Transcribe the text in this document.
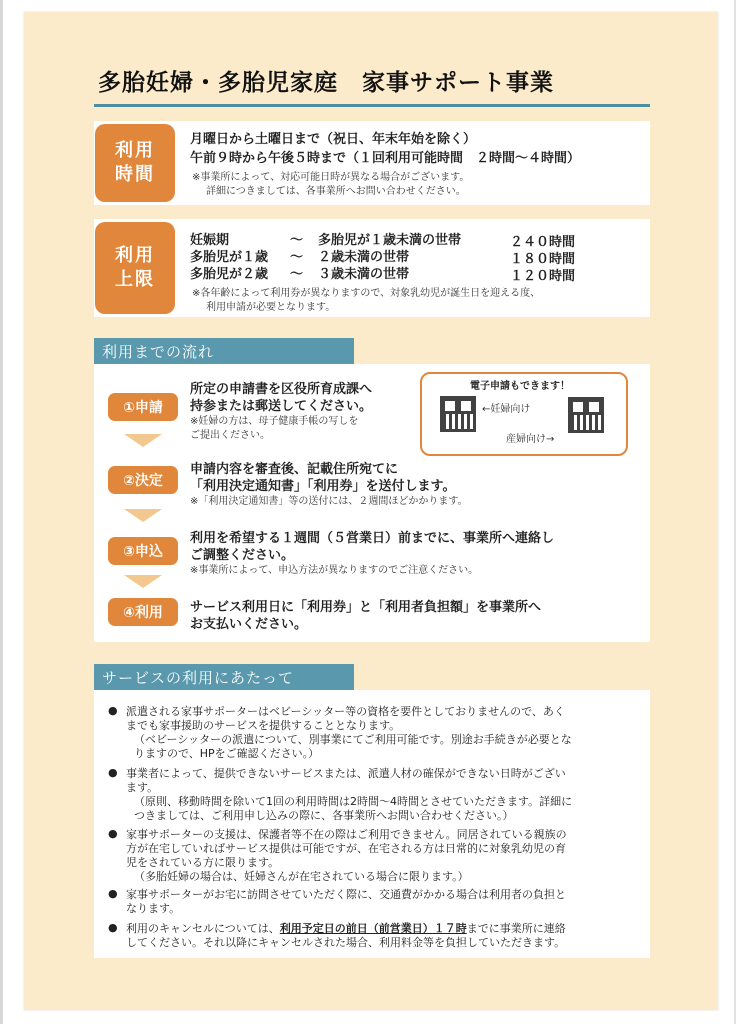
多胎妊婦・多胎児家庭　家事サポート事業
利用
時間
月曜日から土曜日まで（祝日、年末年始を除く）
午前９時から午後５時まで（１回利用可能時間　２時間〜４時間）
※事業所によって、対応可能日時が異なる場合がございます。
詳細につきましては、各事業所へお問い合わせください。
利用
上限
妊娠期	〜 多胎児が１歳未満の世帯	２４０時間
多胎児が１歳 〜 ２歳未満の世帯	１８０時間
多胎児が２歳 〜 ３歳未満の世帯	１２０時間
※各年齢によって利用券が異なりますので、対象乳幼児が誕生日を迎える度、
利用申請が必要となります。
利用までの流れ
①申請
所定の申請書を区役所育成課へ
持参または郵送してください。
※妊婦の方は、母子健康手帳の写しを
ご提出ください。
電子申請もできます！
←妊婦向け
産婦向け→
②決定
申請内容を審査後、記載住所宛てに
「利用決定通知書」「利用券」を送付します。
※「利用決定通知書」等の送付には、２週間ほどかかります。
③申込
利用を希望する１週間（５営業日）前までに、事業所へ連絡し
ご調整ください。
※事業所によって、申込方法が異なりますのでご注意ください。
④利用	サービス利用日に「利用券」と「利用者負担額」を事業所へ
お支払いください。
サービスの利用にあたって
● 派遣される家事サポーターはベビーシッター等の資格を要件としておりませんので、あく
までも家事援助のサービスを提供することとなります。
（ベビーシッターの派遣について、別事業にてご利用可能です。別途お手続きが必要とな
りますので、HPをご確認ください。）
● 事業者によって、提供できないサービスまたは、派遣人材の確保ができない日時がござい
ます。
（原則、移動時間を除いて1回の利用時間は2時間〜4時間とさせていただきます。詳細に
つきましては、ご利用申し込みの際に、各事業所へお問い合わせください。）
● 家事サポーターの支援は、保護者等不在の際はご利用できません。同居されている親族の
方が在宅していればサービス提供は可能ですが、在宅される方は日常的に対象乳幼児の育
児をされている方に限ります。
（多胎妊婦の場合は、妊婦さんが在宅されている場合に限ります。）
● 家事サポーターがお宅に訪問させていただく際に、交通費がかかる場合は利用者の負担と
なります。
● 利用のキャンセルについては、利用予定日の前日（前営業日）１７時までに事業所に連絡
してください。それ以降にキャンセルされた場合、利用料金等を負担していただきます。
